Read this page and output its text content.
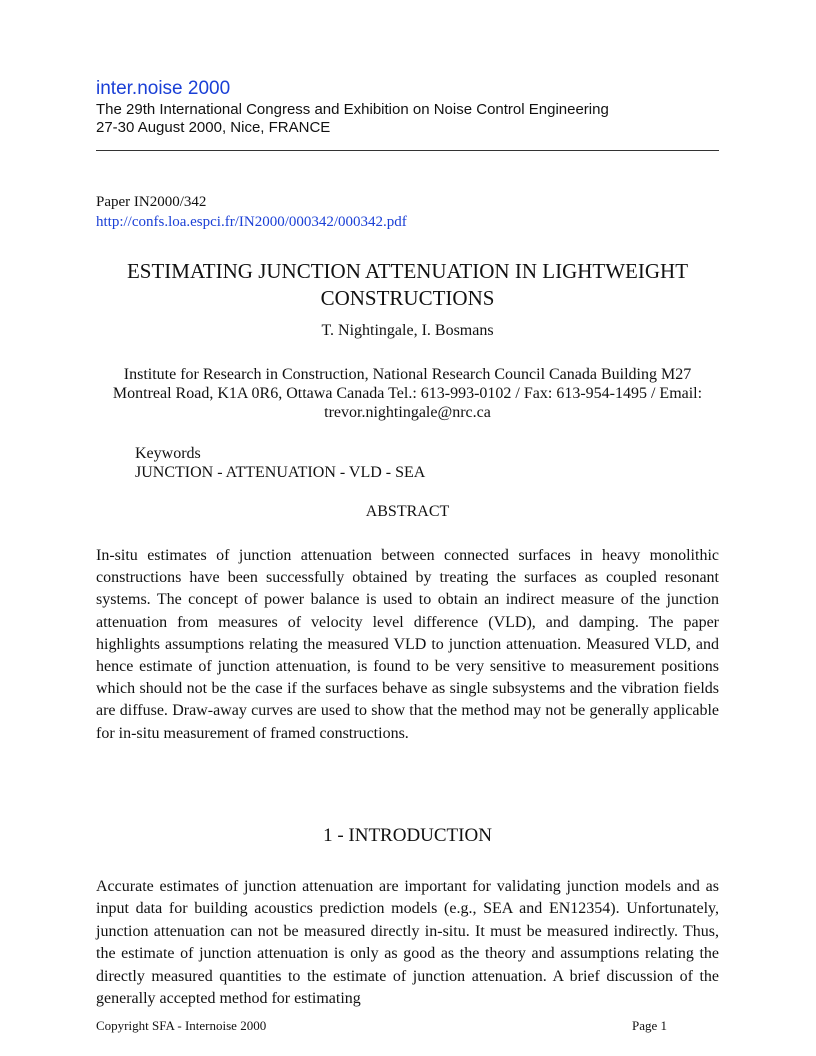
inter.noise 2000
The 29th International Congress and Exhibition on Noise Control Engineering
27-30 August 2000, Nice, FRANCE
Paper IN2000/342
http://confs.loa.espci.fr/IN2000/000342/000342.pdf
ESTIMATING JUNCTION ATTENUATION IN LIGHTWEIGHT CONSTRUCTIONS
T. Nightingale, I. Bosmans
Institute for Research in Construction, National Research Council Canada Building M27 Montreal Road, K1A 0R6, Ottawa Canada Tel.: 613-993-0102 / Fax: 613-954-1495 / Email: trevor.nightingale@nrc.ca
Keywords
JUNCTION - ATTENUATION - VLD - SEA
ABSTRACT
In-situ estimates of junction attenuation between connected surfaces in heavy monolithic constructions have been successfully obtained by treating the surfaces as coupled resonant systems. The concept of power balance is used to obtain an indirect measure of the junction attenuation from measures of velocity level difference (VLD), and damping. The paper highlights assumptions relating the measured VLD to junction attenuation. Measured VLD, and hence estimate of junction attenuation, is found to be very sensitive to measurement positions which should not be the case if the surfaces behave as single subsystems and the vibration fields are diffuse. Draw-away curves are used to show that the method may not be generally applicable for in-situ measurement of framed constructions.
1 - INTRODUCTION
Accurate estimates of junction attenuation are important for validating junction models and as input data for building acoustics prediction models (e.g., SEA and EN12354). Unfortunately, junction attenuation can not be measured directly in-situ. It must be measured indirectly. Thus, the estimate of junction attenuation is only as good as the theory and assumptions relating the directly measured quantities to the estimate of junction attenuation. A brief discussion of the generally accepted method for estimating
Copyright SFA - Internoise 2000	Page 1
